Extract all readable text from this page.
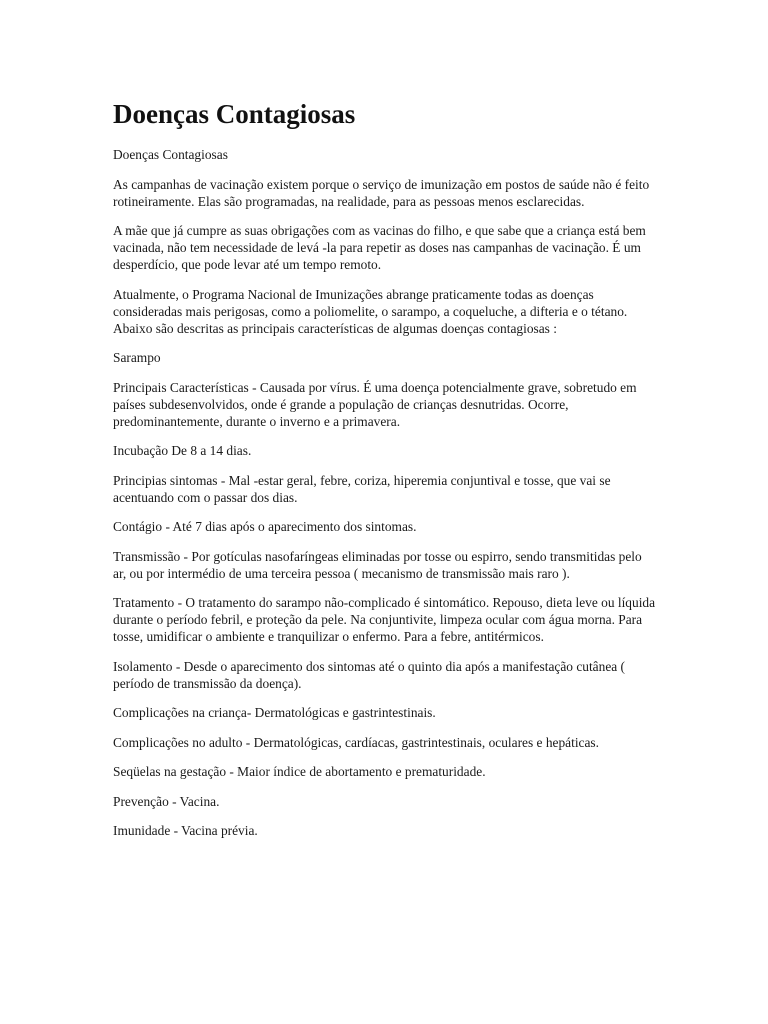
Doenças Contagiosas

Doenças Contagiosas

As campanhas de vacinação existem porque o serviço de imunização em postos de saúde não é feito rotineiramente. Elas são programadas, na realidade, para as pessoas menos esclarecidas.

A mãe que já cumpre as suas obrigações com as vacinas do filho, e que sabe que a criança está bem vacinada, não tem necessidade de levá -la para repetir as doses nas campanhas de vacinação. É um desperdício, que pode levar até um tempo remoto.

Atualmente, o Programa Nacional de Imunizações abrange praticamente todas as doenças consideradas mais perigosas, como a poliomelite, o sarampo, a coqueluche, a difteria e o tétano. Abaixo são descritas as principais características de algumas doenças contagiosas :

Sarampo

Principais Características - Causada por vírus. É uma doença potencialmente grave, sobretudo em países subdesenvolvidos, onde é grande a população de crianças desnutridas. Ocorre, predominantemente, durante o inverno e a primavera.

Incubação De 8 a 14 dias.

Principias sintomas - Mal -estar geral, febre, coriza, hiperemia conjuntival e tosse, que vai se acentuando com o passar dos dias.

Contágio - Até 7 dias após o aparecimento dos sintomas.

Transmissão - Por gotículas nasofaríngeas eliminadas por tosse ou espirro, sendo transmitidas pelo ar, ou por intermédio de uma terceira pessoa ( mecanismo de transmissão mais raro ).

Tratamento - O tratamento do sarampo não-complicado é sintomático. Repouso, dieta leve ou líquida durante o período febril, e proteção da pele. Na conjuntivite, limpeza ocular com água morna. Para tosse, umidificar o ambiente e tranquilizar o enfermo. Para a febre, antitérmicos.

Isolamento - Desde o aparecimento dos sintomas até o quinto dia após a manifestação cutânea ( período de transmissão da doença).

Complicações na criança- Dermatológicas e gastrintestinais.

Complicações no adulto - Dermatológicas, cardíacas, gastrintestinais, oculares e hepáticas.

Seqüelas na gestação - Maior índice de abortamento e prematuridade.

Prevenção - Vacina.

Imunidade - Vacina prévia.
